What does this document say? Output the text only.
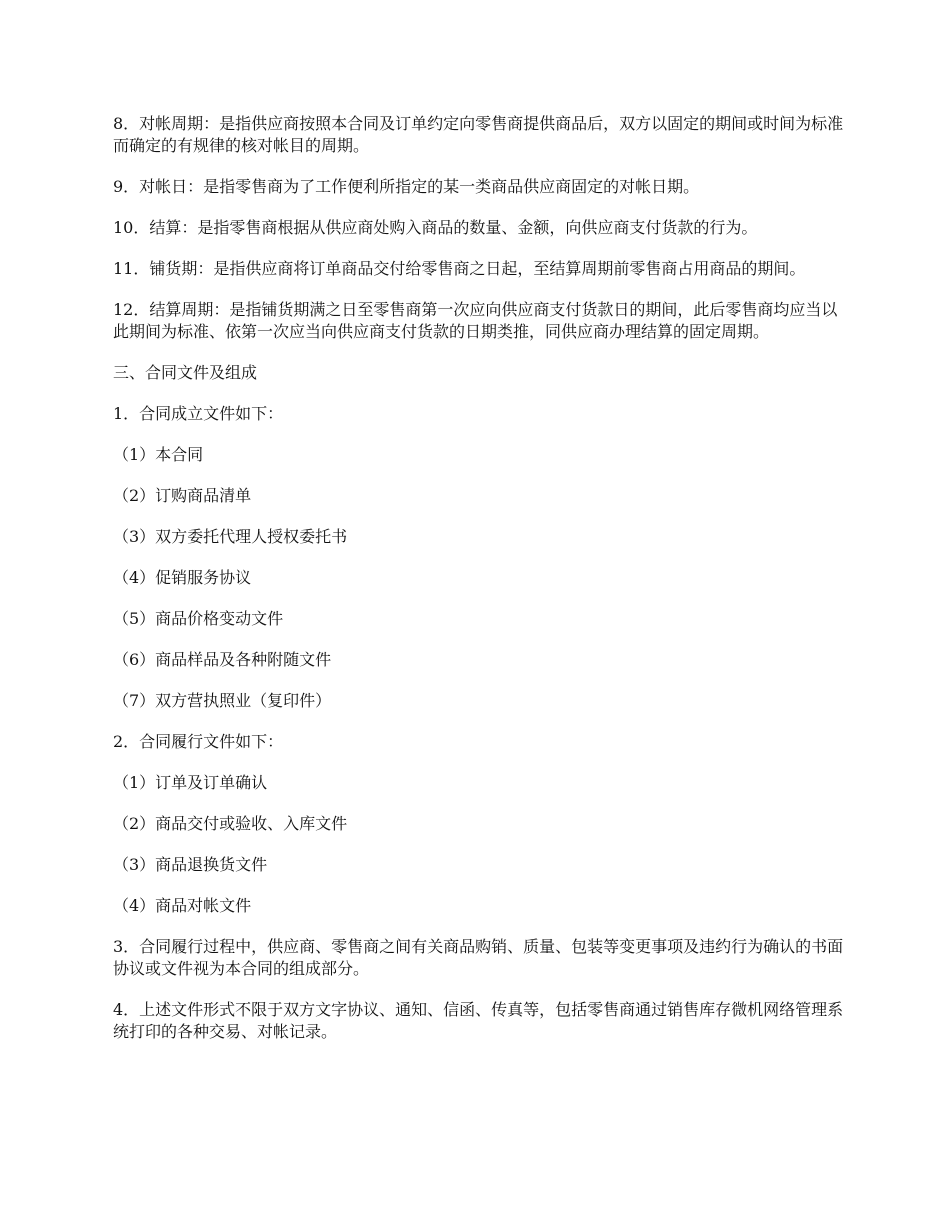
8．对帐周期：是指供应商按照本合同及订单约定向零售商提供商品后，双方以固定的期间或时间为标准而确定的有规律的核对帐目的周期。

9．对帐日：是指零售商为了工作便利所指定的某一类商品供应商固定的对帐日期。

10．结算：是指零售商根据从供应商处购入商品的数量、金额，向供应商支付货款的行为。

11．铺货期：是指供应商将订单商品交付给零售商之日起，至结算周期前零售商占用商品的期间。

12．结算周期：是指铺货期满之日至零售商第一次应向供应商支付货款日的期间，此后零售商均应当以此期间为标准、依第一次应当向供应商支付货款的日期类推，同供应商办理结算的固定周期。

三、合同文件及组成

1．合同成立文件如下：

（1）本合同

（2）订购商品清单

（3）双方委托代理人授权委托书

（4）促销服务协议

（5）商品价格变动文件

（6）商品样品及各种附随文件

（7）双方营执照业（复印件）

2．合同履行文件如下：

（1）订单及订单确认

（2）商品交付或验收、入库文件

（3）商品退换货文件

（4）商品对帐文件

3．合同履行过程中，供应商、零售商之间有关商品购销、质量、包装等变更事项及违约行为确认的书面协议或文件视为本合同的组成部分。

4．上述文件形式不限于双方文字协议、通知、信函、传真等，包括零售商通过销售库存微机网络管理系统打印的各种交易、对帐记录。
